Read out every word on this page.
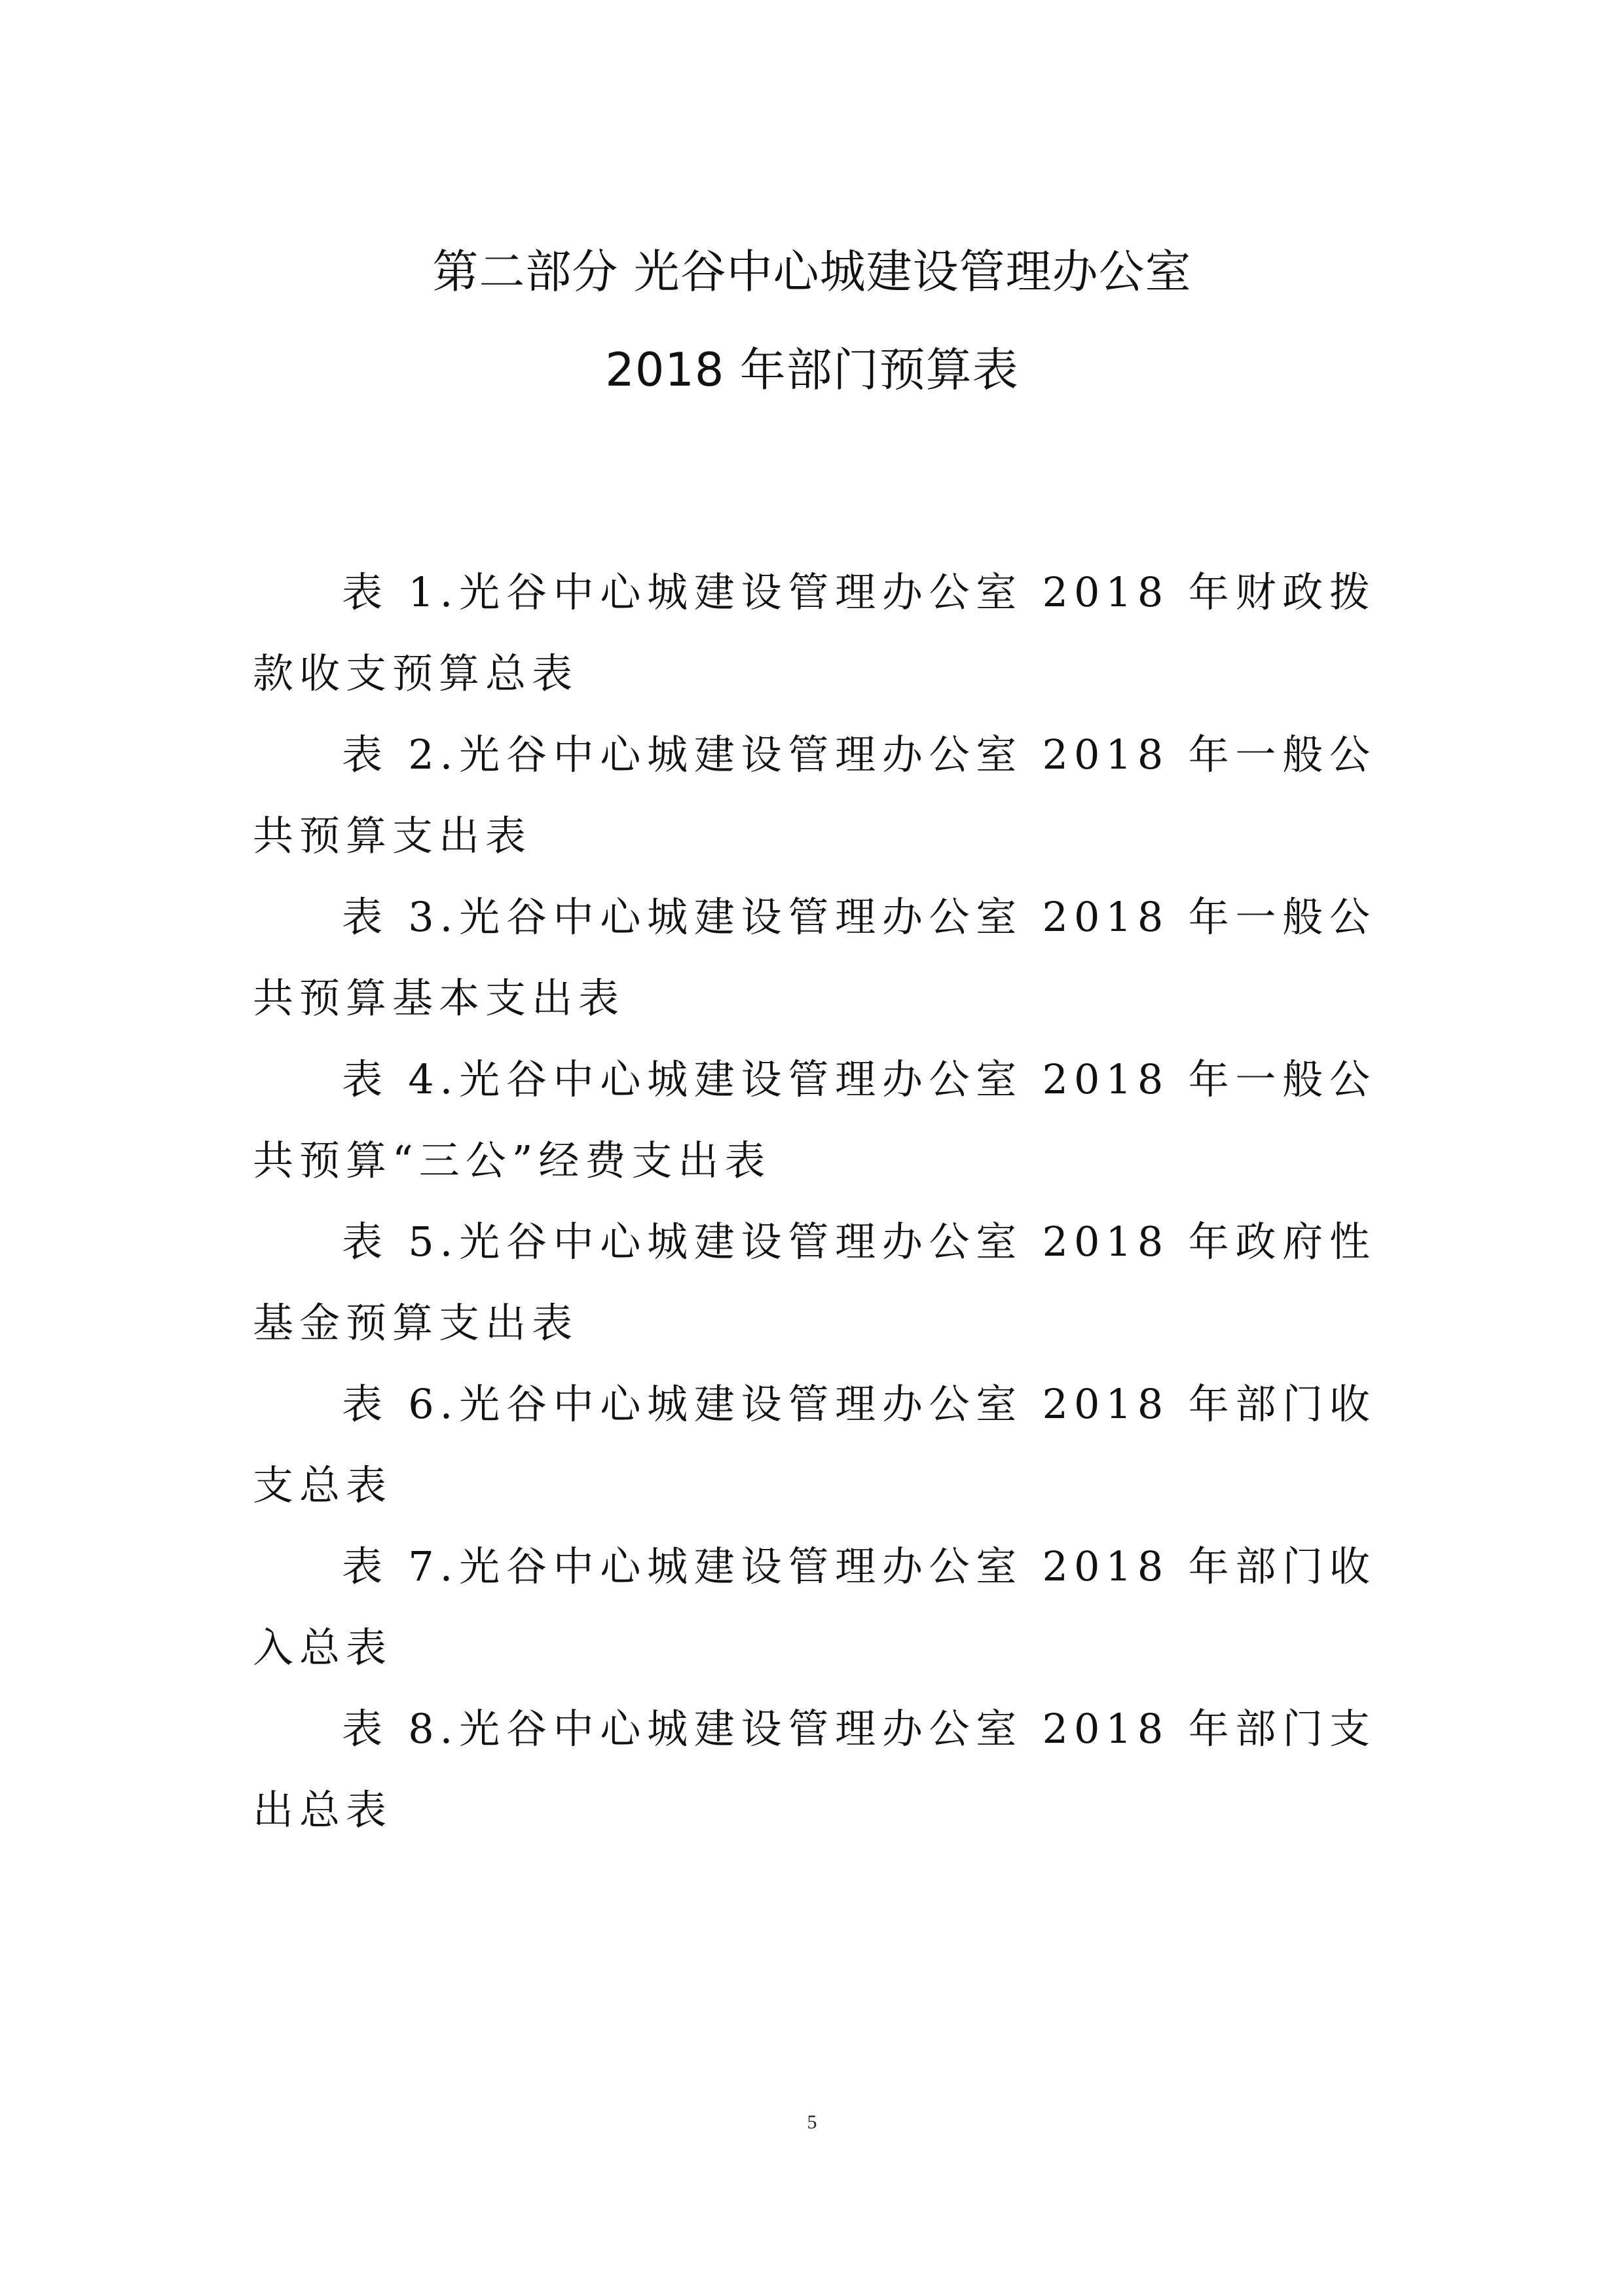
第二部分 光谷中心城建设管理办公室
2018 年部门预算表

表 1.光谷中心城建设管理办公室 2018 年财政拨款收支预算总表

表 2.光谷中心城建设管理办公室 2018 年一般公共预算支出表

表 3.光谷中心城建设管理办公室 2018 年一般公共预算基本支出表

表 4.光谷中心城建设管理办公室 2018 年一般公共预算“三公”经费支出表

表 5.光谷中心城建设管理办公室 2018 年政府性基金预算支出表

表 6.光谷中心城建设管理办公室 2018 年部门收支总表

表 7.光谷中心城建设管理办公室 2018 年部门收入总表

表 8.光谷中心城建设管理办公室 2018 年部门支出总表

5
